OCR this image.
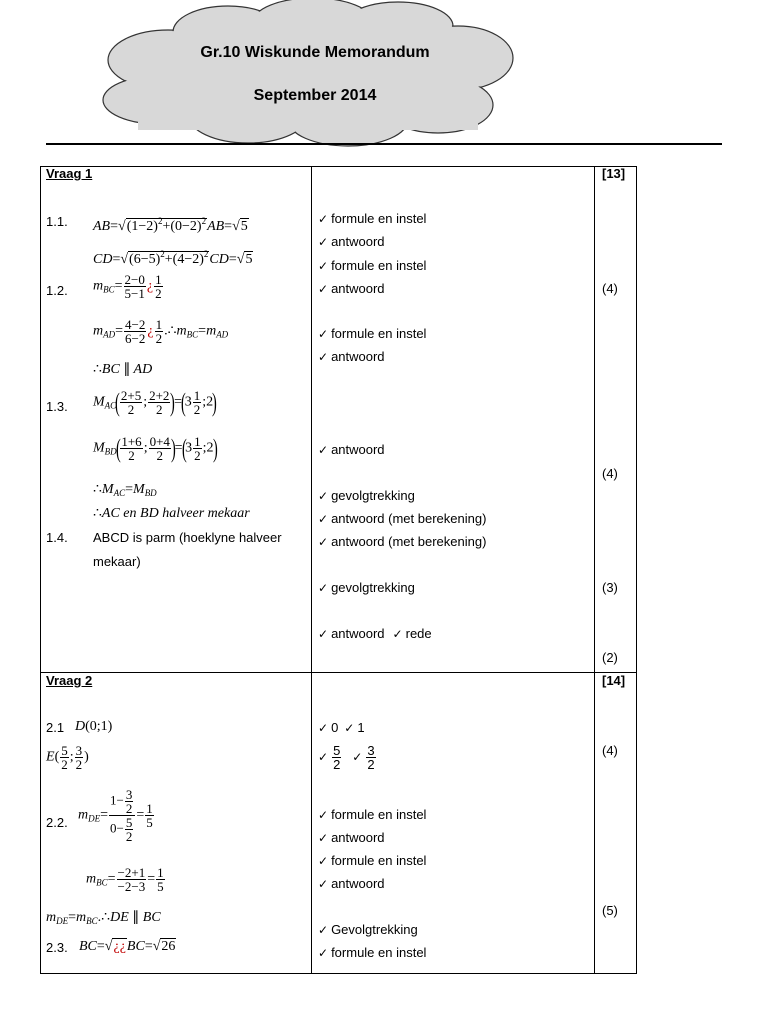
Gr.10 Wiskunde Memorandum
September 2014
Vraag 1	[13]
1.1. $AB=√(1-2)^2+(0-2)^2AB=√5$
$CD=√(6-5)^2+(4-2)^2CD=√5$
1.2. $m_{BC}= \frac{2-0}{5-1}$ ¿ $\frac{1}{2}$
$m_{AD}= \frac{4-2}{6-2}$ ¿ $\frac{1}{2}$ $.\therefore m_{BC}=m_{AD}$
∴BC ∥ AD
1.3. $M_{AC}( \frac{2+5}{2}$ ; $\frac{2+2}{2} )=(3 \frac{1}{2}$ ;2)
$M_{BD}( \frac{1+6}{2}$ ; $\frac{0+4}{2} )=(3 \frac{1}{2}$ ;2)
$\therefore M_{AC}=M_{BD}$
∴AC en BD halveer mekaar
1.4. ABCD is parm (hoeklyne halveer
mekaar)
✓ formule en instel
✓ antwoord
✓ formule en instel
✓ antwoord
✓ formule en instel
✓ antwoord
✓ antwoord
✓ gevolgtrekking
✓ antwoord (met berekening)
✓ antwoord (met berekening)
✓ gevolgtrekking
✓ antwoord ✓ rede
(4)
(4)
(3)
(2)
Vraag 2	[14]
2.1 D(0;1)
$E( \frac{5}{2}$ ; $\frac{3}{2}$ )
2.2. $m_{DE}= \frac{1- \frac{3}{2}}{0- \frac{5}{2}} = \frac{1}{5}$
$m_{BC}= \frac{-2+1}{-2-3} = \frac{1}{5}$
$m_{DE}=m_{BC}.\therefore DE$ ∥ BC
2.3. BC=√¿¿BC=√26
✓ 0 ✓ 1
✓ $\frac{5}{2}$ ✓ $\frac{3}{2}$
✓ formule en instel
✓ antwoord
✓ formule en instel
✓ antwoord
✓ Gevolgtrekking
✓ formule en instel
(4)
(5)
